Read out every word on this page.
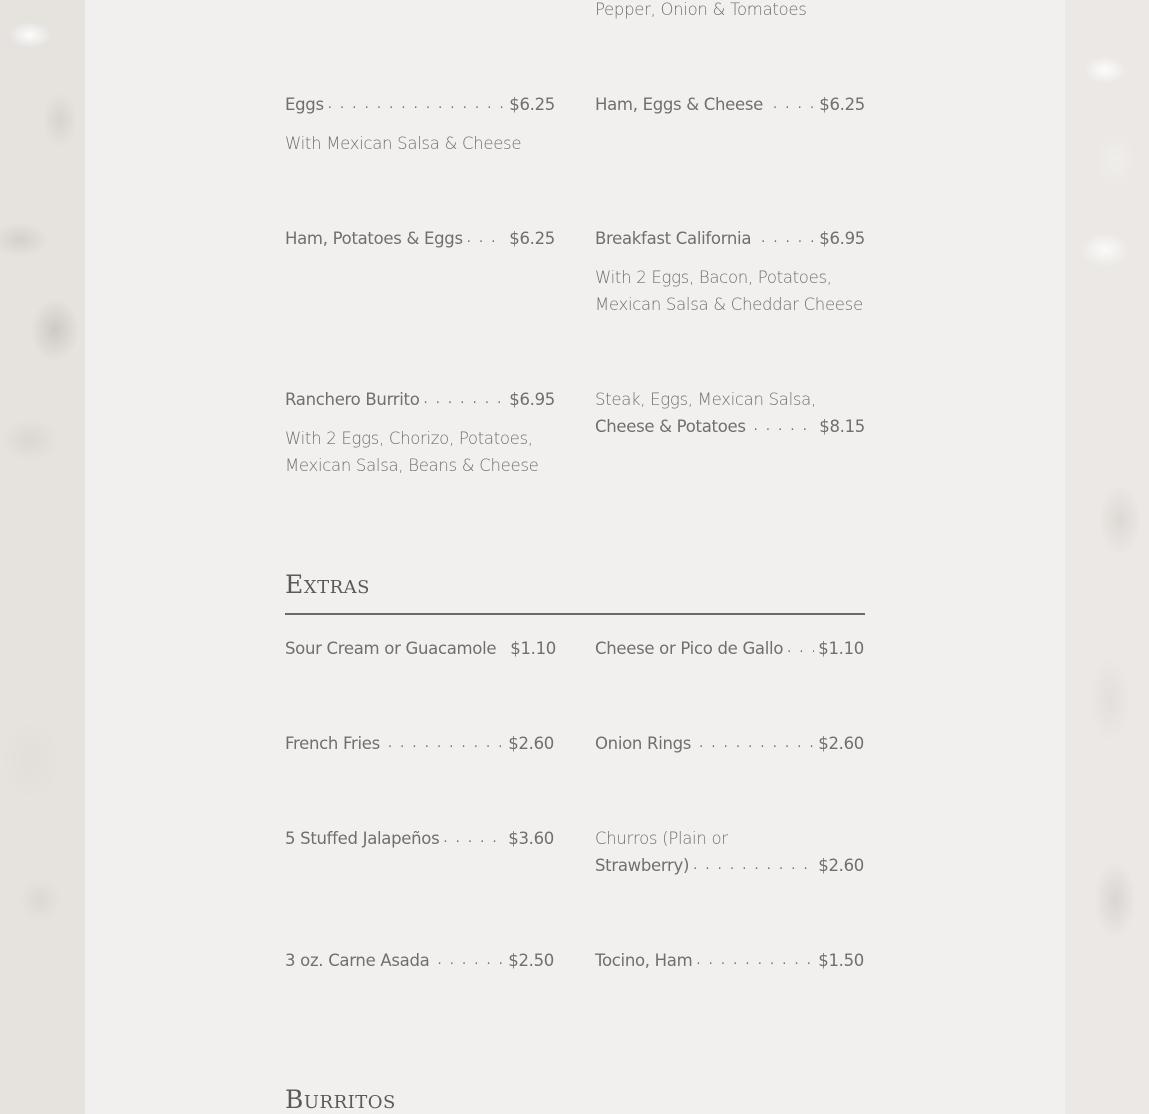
Pepper, Onion & Tomatoes
Eggs . . .	$6.25
With Mexican Salsa & Cheese
Ham, Eggs & Cheese . . .	$6.25
Ham, Potatoes & Eggs . . .	$6.25 Breakfast California . . .	$6.95
With 2 Eggs, Bacon, Potatoes,
Mexican Salsa & Cheddar Cheese
Ranchero Burrito . . .	$6.95
With 2 Eggs, Chorizo, Potatoes,
Mexican Salsa, Beans & Cheese
Steak, Eggs, Mexican Salsa,
Cheese & Potatoes . . .	$8.15
Extras
Sour Cream or Guacamole $1.10 Cheese or Pico de Gallo . . . $1.10
French Fries . . .	$2.60 Onion Rings . . .	$2.60
5 Stuffed Jalapeños . . .	$3.60 Churros (Plain or
Strawberry) . . .	$2.60
3 oz. Carne Asada . . .	$2.50 Tocino, Ham . . .	$1.50
Burritos
